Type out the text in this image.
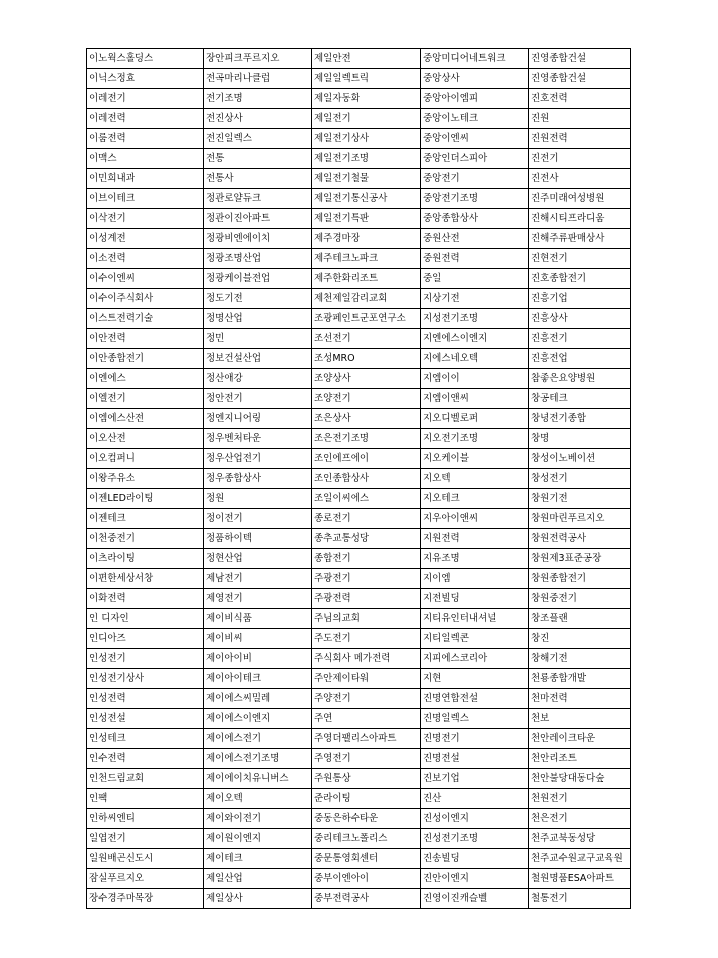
이노웍스홀딩스	장안피크푸르지오	제일안전	중앙미디어네트워크	진영종합건설
이닉스정효	전곡마리나클럽	제일일렉트릭	중앙상사	진영종합건설
이레전기	전기조명	제일자동화	중앙아이엠피	진호전력
이레전력	전진상사	제일전기	중앙이노테크	진원
이룸전력	전진일렉스	제일전기상사	중앙이엔씨	진원전력
이맥스	전통	제일전기조명	중앙인더스피아	진전기
이민희내과	전통사	제일전기철물	중앙전기	진전사
이브이테크	정관로얄듀크	제일전기통신공사	중앙전기조명	진주미래여성병원
이삭전기	정관이진아파트	제일전기특판	중앙종합상사	진해시티프라디움
이성계전	정광비엔에이치	제주경마장	중원산전	진해주류판매상사
이소전력	정광조명산업	제주테크노파크	중원전력	진현전기
이수이엔씨	정광케이블전업	제주한화리조트	중일	진호종합전기
이수이주식회사	정도기전	제천제일감리교회	지상기전	진흥기업
이스트전력기술	정명산업	조광페인트군포연구소	지성전기조명	진흥상사
이안전력	정민	조선전기	지엔에스이엔지	진흥전기
이안종합전기	정보건설산업	조성MRO	지에스네오텍	진흥전업
이엔에스	정산애강	조양상사	지엠이이	참좋은요양병원
이엘전기	정안전기	조양전기	지엠이앤씨	창공테크
이엠에스산전	정엔지니어링	조은상사	지오디벨로퍼	창녕전기종합
이오산전	정우벤처타운	조은전기조명	지오전기조명	창명
이오컴퍼니	정우산업전기	조인에프에이	지오케이블	창성이노베이션
이왕주유소	정우종합상사	조인종합상사	지오텍	창성전기
이젠LED라이팅	정원	조일이씨에스	지오테크	창원기전
이젠테크	정이전기	종로전기	지우아이앤씨	창원마린푸르지오
이천중전기	정품하이텍	종추교통성당	지원전력	창원전력공사
이츠라이팅	정현산업	종합전기	지유조명	창원제3표준공장
이편한세상서창	제남전기	주광전기	지이엠	창원종합전기
이화전력	제영전기	주광전력	지전빌딩	창원중전기
인 디자인	제이비식품	주님의교회	지티유인터내셔널	창조플랜
인디아즈	제이비씨	주도전기	지티일렉콘	창진
인성전기	제이아이비	주식회사 메가전력	지피에스코리아	창해기전
인성전기상사	제이아이테크	주안제이타워	지현	천룡종합개발
인성전력	제이에스씨밀레	주양전기	진명연합전설	천마전력
인성전설	제이에스이엔지	주연	진명일렉스	천보
인성테크	제이에스전기	주영더팰리스아파트	진명전기	천안레이크타운
인수전력	제이에스전기조명	주영전기	진명전설	천안리조트
인천드림교회	제이에이치유니버스	주원통상	진보기업	천안불당대동다숲
인팩	제이오텍	준라이팅	진산	천원전기
인하씨엔티	제이와이전기	중동은하수타운	진성이엔지	천은전기
일엽전기	제이원이엔지	중리테크노폴리스	진성전기조명	천주교북동성당
일원배곤신도시	제이테크	중문통영회센터	진송빌딩	천주교수원교구교육원
잠실푸르지오	제일산업	중부이엔아이	진안이엔지	철원명품ESA아파트
장수경주마목장	제일상사	중부전력공사	진영이진캐슬벨	철통전기
